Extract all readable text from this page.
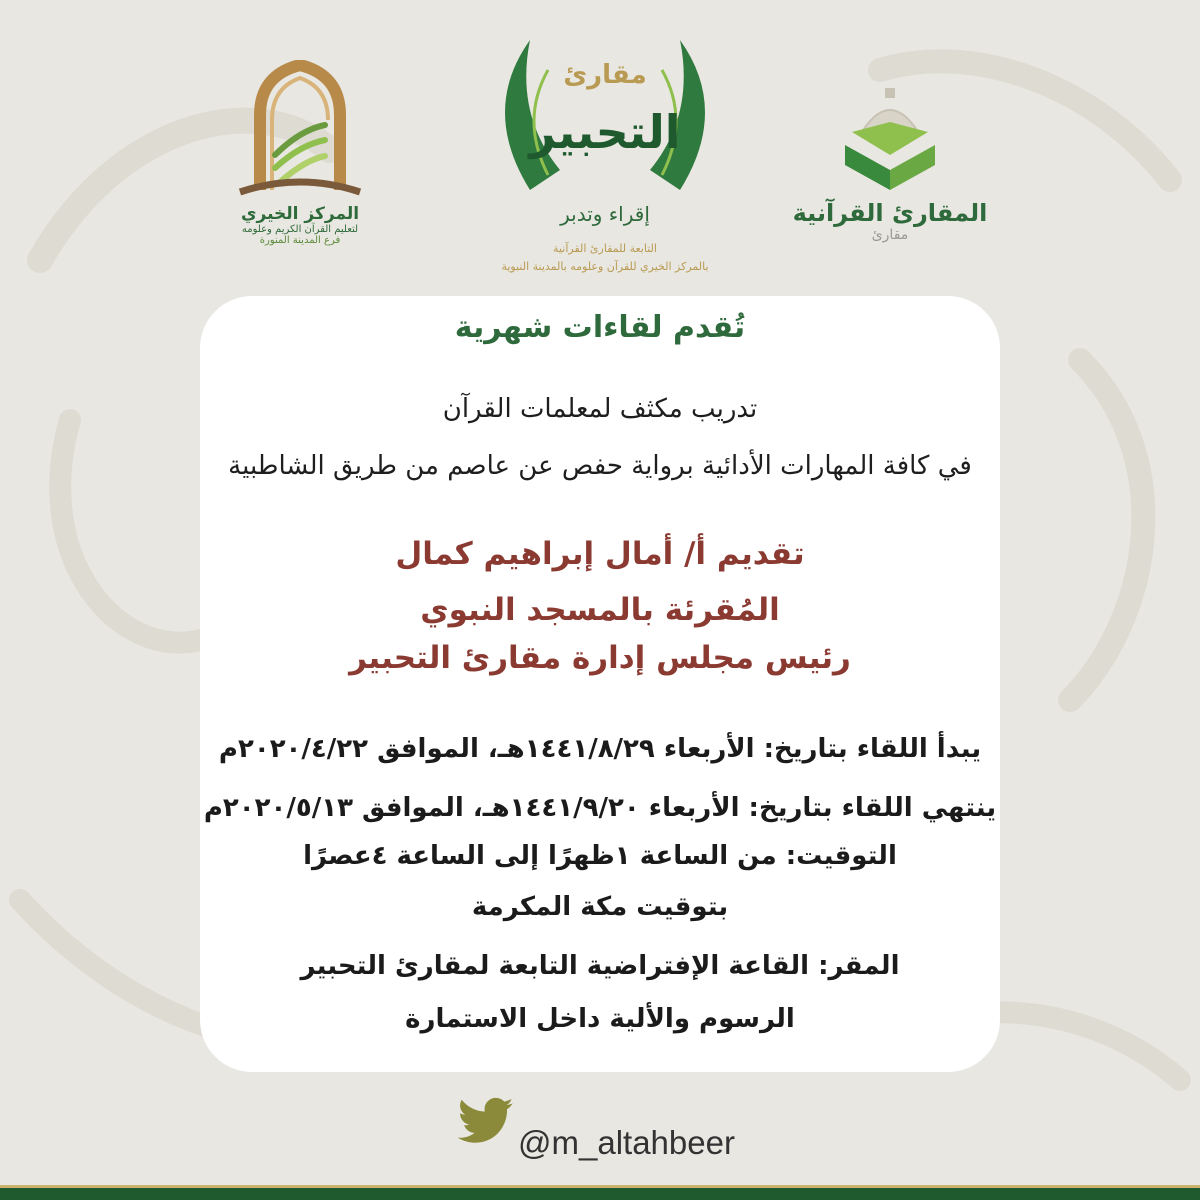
المركز الخيري
لتعليم القرآن الكريم وعلومه
فرع المدينة المنورة
مقارئ
التحبير
إقراء وتدبر
التابعة للمقارئ القرآنية
بالمركز الخيري للقرآن وعلومه بالمدينة النبوية
المقارئ القرآنية
مقارئ
تُقدم لقاءات شهرية
تدريب مكثف لمعلمات القرآن
في كافة المهارات الأدائية برواية حفص عن عاصم من طريق الشاطبية
تقديم أ/ أمال إبراهيم كمال
المُقرئة بالمسجد النبوي
رئيس مجلس إدارة مقارئ التحبير
يبدأ اللقاء بتاريخ: الأربعاء ١٤٤١/٨/٢٩هـ، الموافق ٢٠٢٠/٤/٢٢م
ينتهي اللقاء بتاريخ: الأربعاء ١٤٤١/٩/٢٠هـ، الموافق ٢٠٢٠/٥/١٣م
التوقيت: من الساعة ١ظهرًا إلى الساعة ٤عصرًا
بتوقيت مكة المكرمة
المقر: القاعة الإفتراضية التابعة لمقارئ التحبير
الرسوم والألية داخل الاستمارة
@m_altahbeer
